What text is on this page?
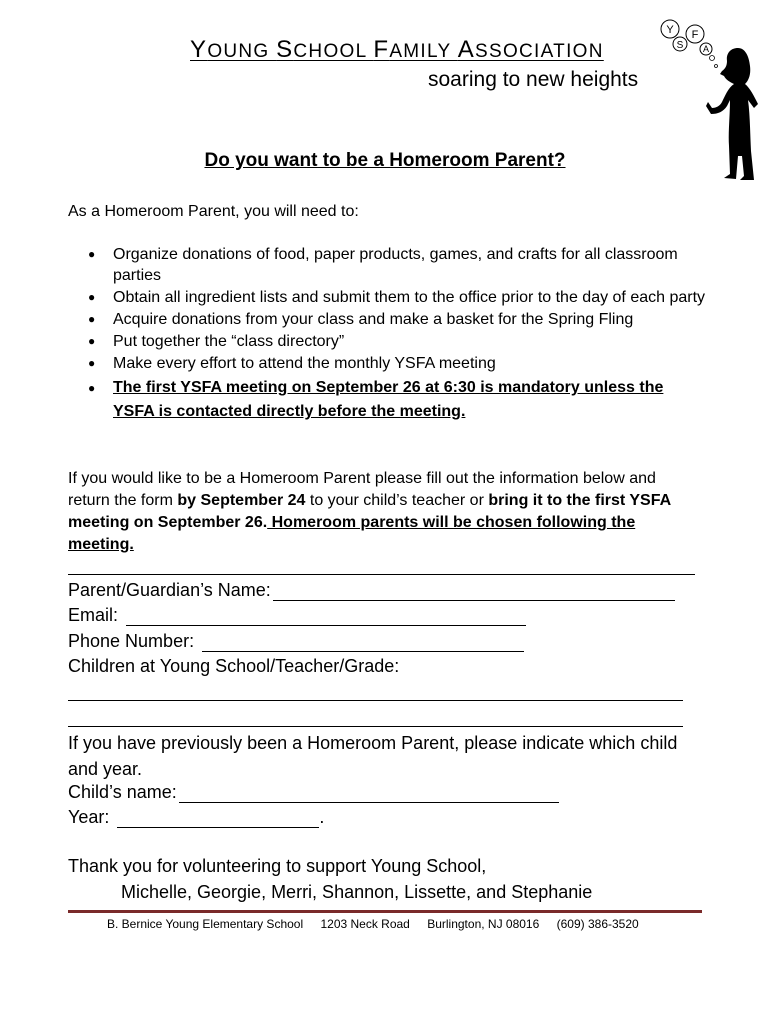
YOUNG SCHOOL FAMILY ASSOCIATION
soaring to new heights
Y
S
F
A
Do you want to be a Homeroom Parent?
As a Homeroom Parent, you will need to:
● Organize donations of food, paper products, games, and crafts for all classroom parties
● Obtain all ingredient lists and submit them to the office prior to the day of each party
● Acquire donations from your class and make a basket for the Spring Fling
● Put together the “class directory”
● Make every effort to attend the monthly YSFA meeting
● The first YSFA meeting on September 26 at 6:30 is mandatory unless the YSFA is contacted directly before the meeting.
If you would like to be a Homeroom Parent please fill out the information below and return the form by September 24 to your child’s teacher or bring it to the first YSFA meeting on September 26. Homeroom parents will be chosen following the meeting.
Parent/Guardian’s Name:
Email:
Phone Number:
Children at Young School/Teacher/Grade:
If you have previously been a Homeroom Parent, please indicate which child and year.
Child’s name:
Year:	.
Thank you for volunteering to support Young School,
Michelle, Georgie, Merri, Shannon, Lissette, and Stephanie
B. Bernice Young Elementary School 1203 Neck Road Burlington, NJ 08016 (609) 386-3520
